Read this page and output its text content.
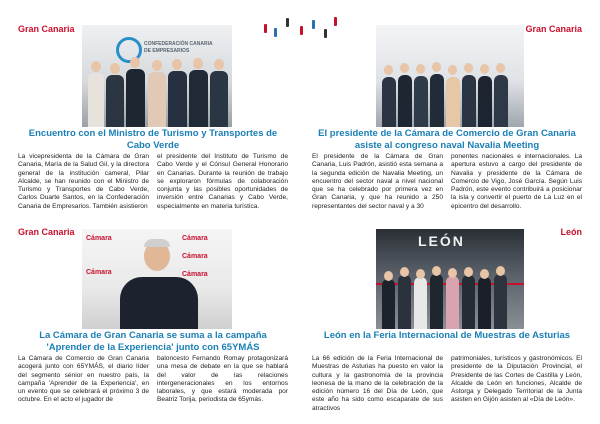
Gran Canaria
CONFEDERACIÓN CANARIA DE EMPRESARIOS
Encuentro con el Ministro de Turismo y Transportes de Cabo Verde

La vicepresidenta de la Cámara de Gran Canaria, María de la Salud Gil, y la directora general de la institución cameral, Pilar Alcalde, se han reunido con el Ministro de Turismo y Transportes de Cabo Verde, Carlos Duarte Santos, en la Confederación Canaria de Empresarios. También asistieron

el presidente del Instituto de Turismo de Cabo Verde y el Cónsul General Honorario en Canarias. Durante la reunión de trabajo se exploraron fórmulas de colaboración conjunta y las posibles oportunidades de inversión entre Canarias y Cabo Verde, especialmente en materia turística.

Gran Canaria
El presidente de la Cámara de Comercio de Gran Canaria asiste al congreso naval Navalia Meeting

El presidente de la Cámara de Gran Canaria, Luis Padrón, asistió esta semana a la segunda edición de Navalia Meeting, un encuentro del sector naval a nivel nacional que se ha celebrado por primera vez en Gran Canaria, y que ha reunido a 250 representantes del sector naval y a 30

ponentes nacionales e internacionales. La apertura estuvo a cargo del presidente de Navalia y presidente de la Cámara de Comercio de Vigo, José García. Según Luis Padrón, este evento contribuirá a posicionar la isla y convertir el puerto de La Luz en el epicentro del desarrollo.

Gran Canaria
Cámara	Cámara
Cámara
Cámara	Cámara
La Cámara de Gran Canaria se suma a la campaña 'Aprender de la Experiencia' junto con 65YMÁS

La Cámara de Comercio de Gran Canaria acogerá junto con 65YMÁS, el diario líder del segmento sénior en nuestro país, la campaña 'Aprender de la Experiencia', en un evento que se celebrará el próximo 3 de octubre. En el acto el jugador de

baloncesto Fernando Romay protagonizará una mesa de debate en la que se hablará del valor de las relaciones intergeneracionales en los entornos laborales, y que estará moderada por Beatriz Torija, periodista de 65ymás.

León
LEÓN
León en la Feria Internacional de Muestras de Asturias

La 66 edición de la Feria Internacional de Muestras de Asturias ha puesto en valor la cultura y la gastronomía de la provincia leonesa de la mano de la celebración de la edición número 16 del Día de León, que este año ha sido como escaparate de sus atractivos

patrimoniales, turísticos y gastronómicos. El presidente de la Diputación Provincial, el Presidente de las Cortes de Castilla y León, Alcalde de León en funciones, Alcalde de Astorga y Delegado Territorial de la Junta asisten en Gijón asisten al «Día de León».
